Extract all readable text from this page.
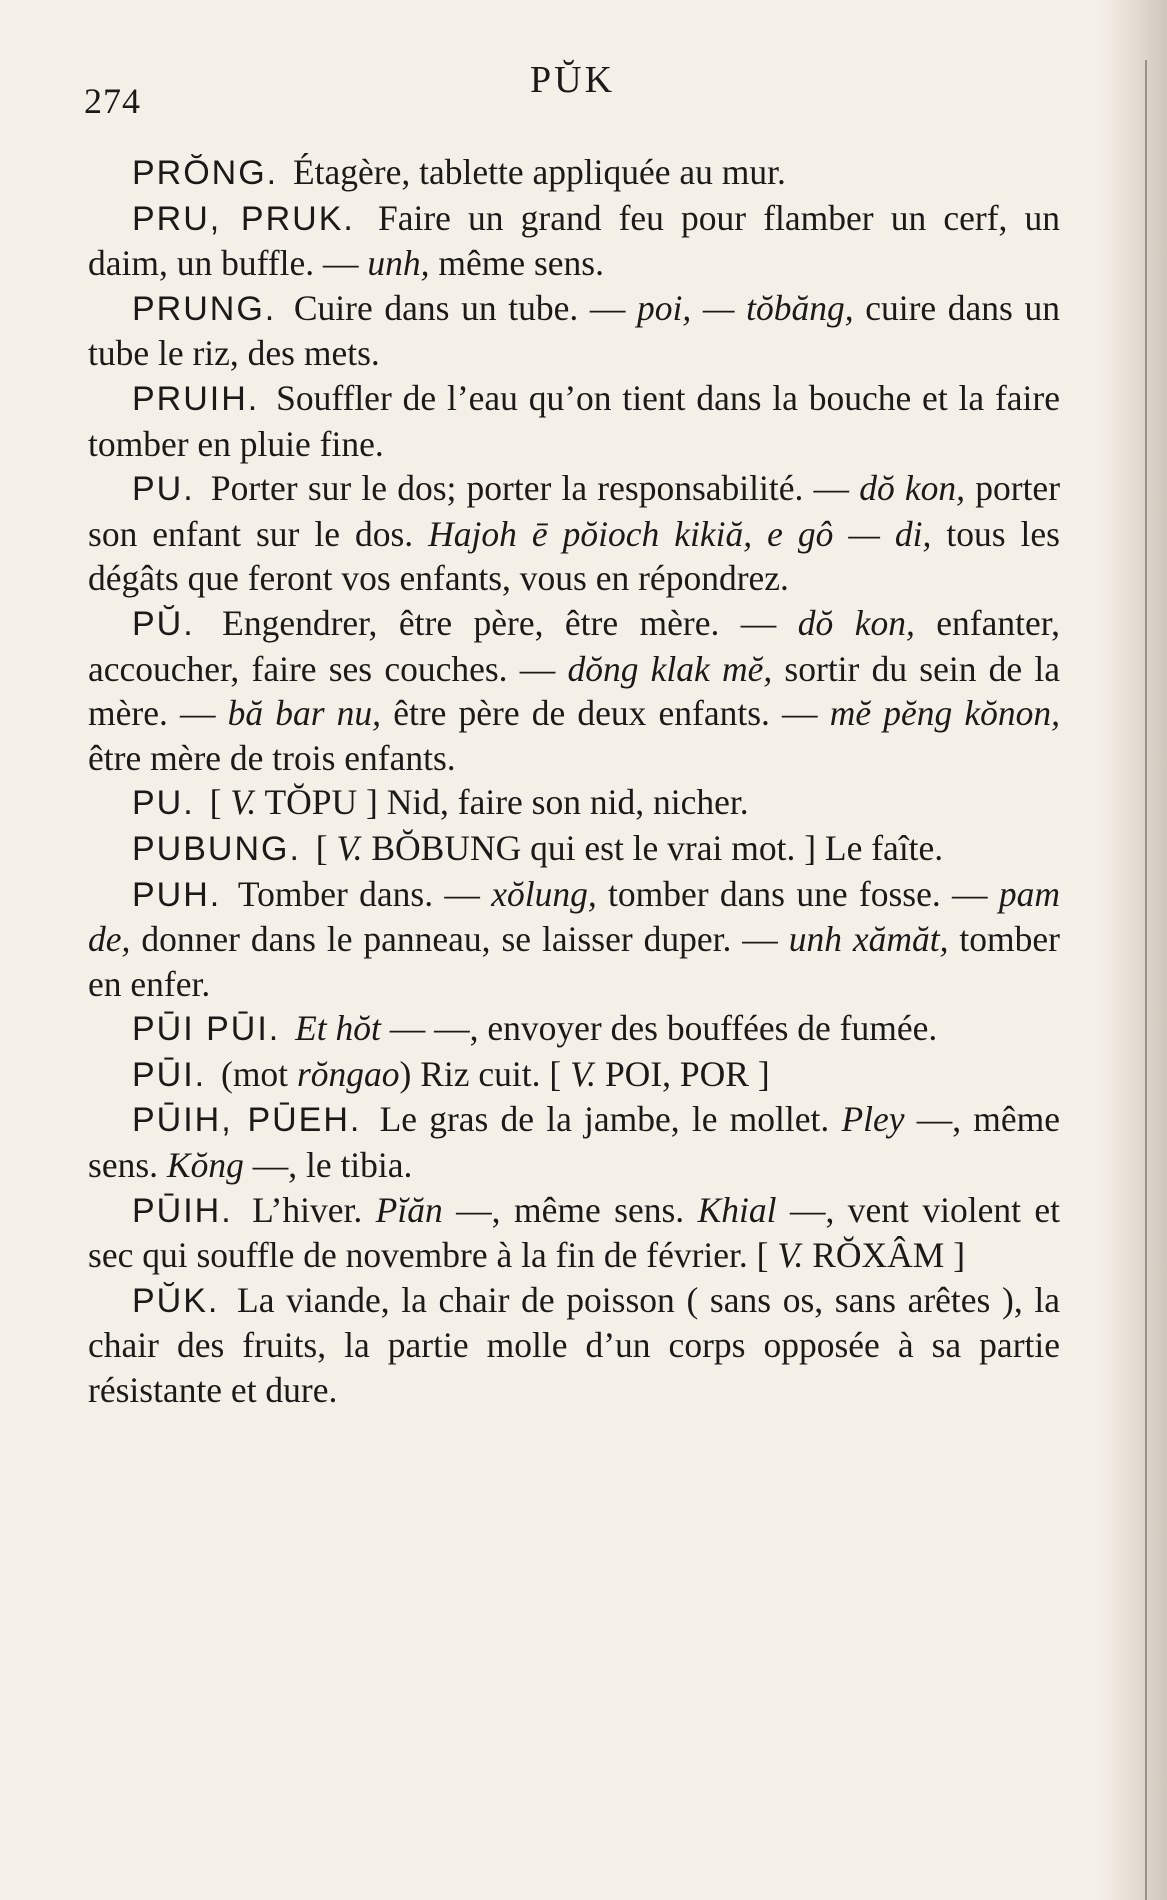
274	PŬK

PRŎNG. Étagère, tablette appliquée au mur.

PRU, PRUK. Faire un grand feu pour flamber un cerf, un daim, un buffle. — unh, même sens.

PRUNG. Cuire dans un tube. — poi, — tŏbăng, cuire dans un tube le riz, des mets.

PRUIH. Souffler de l’eau qu’on tient dans la bouche et la faire tomber en pluie fine.

PU. Porter sur le dos; porter la responsabilité. — dŏ kon, porter son enfant sur le dos. Hajoh ē pŏioch kikiă, e gô — di, tous les dégâts que feront vos enfants, vous en répondrez.

PŬ. Engendrer, être père, être mère. — dŏ kon, enfanter, accoucher, faire ses couches. — dŏng klak mĕ, sortir du sein de la mère. — bă bar nu, être père de deux enfants. — mĕ pĕng kŏnon, être mère de trois enfants.

PU. [ V. TŎPU ] Nid, faire son nid, nicher.

PUBUNG. [ V. BŎBUNG qui est le vrai mot. ] Le faîte.

PUH. Tomber dans. — xŏlung, tomber dans une fosse. — pam de, donner dans le panneau, se laisser duper. — unh xămăt, tomber en enfer.

PŪI PŪI. Et hŏt — —, envoyer des bouffées de fumée.

PŪI. (mot rŏngao) Riz cuit. [ V. POI, POR ]

PŪIH, PŪEH. Le gras de la jambe, le mollet. Pley —, même sens. Kŏng —, le tibia.

PŪIH. L’hiver. Pĭăn —, même sens. Khial —, vent violent et sec qui souffle de novembre à la fin de février. [ V. RŎXÂM ]

PŬK. La viande, la chair de poisson ( sans os, sans arêtes ), la chair des fruits, la partie molle d’un corps opposée à sa partie résistante et dure.
